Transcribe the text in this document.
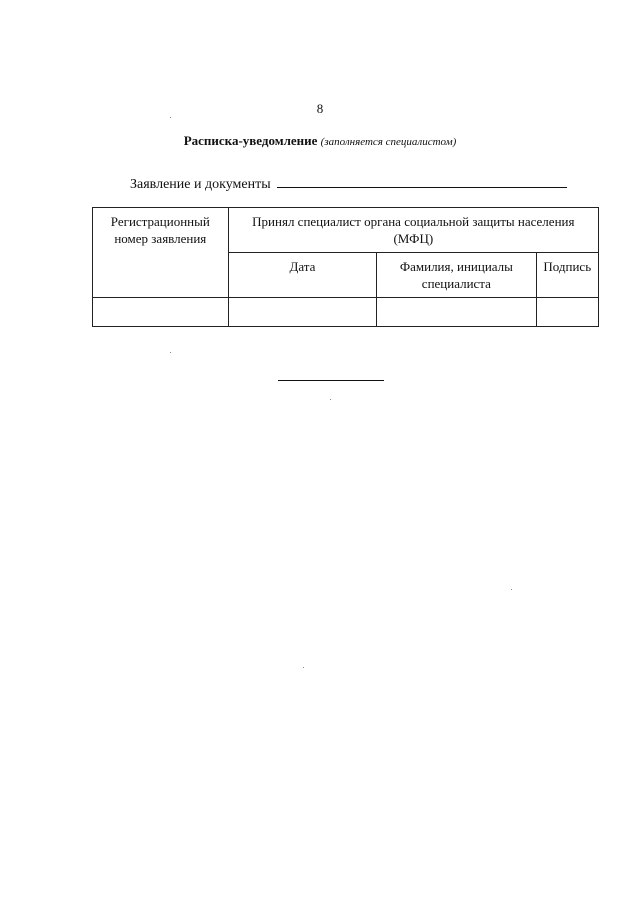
8
Расписка-уведомление (заполняется специалистом)
Заявление и документы
Регистрационный номер заявления	Принял специалист органа социальной защиты населения (МФЦ)		
	Дата	Фамилия, инициалы специалиста	Подпись
